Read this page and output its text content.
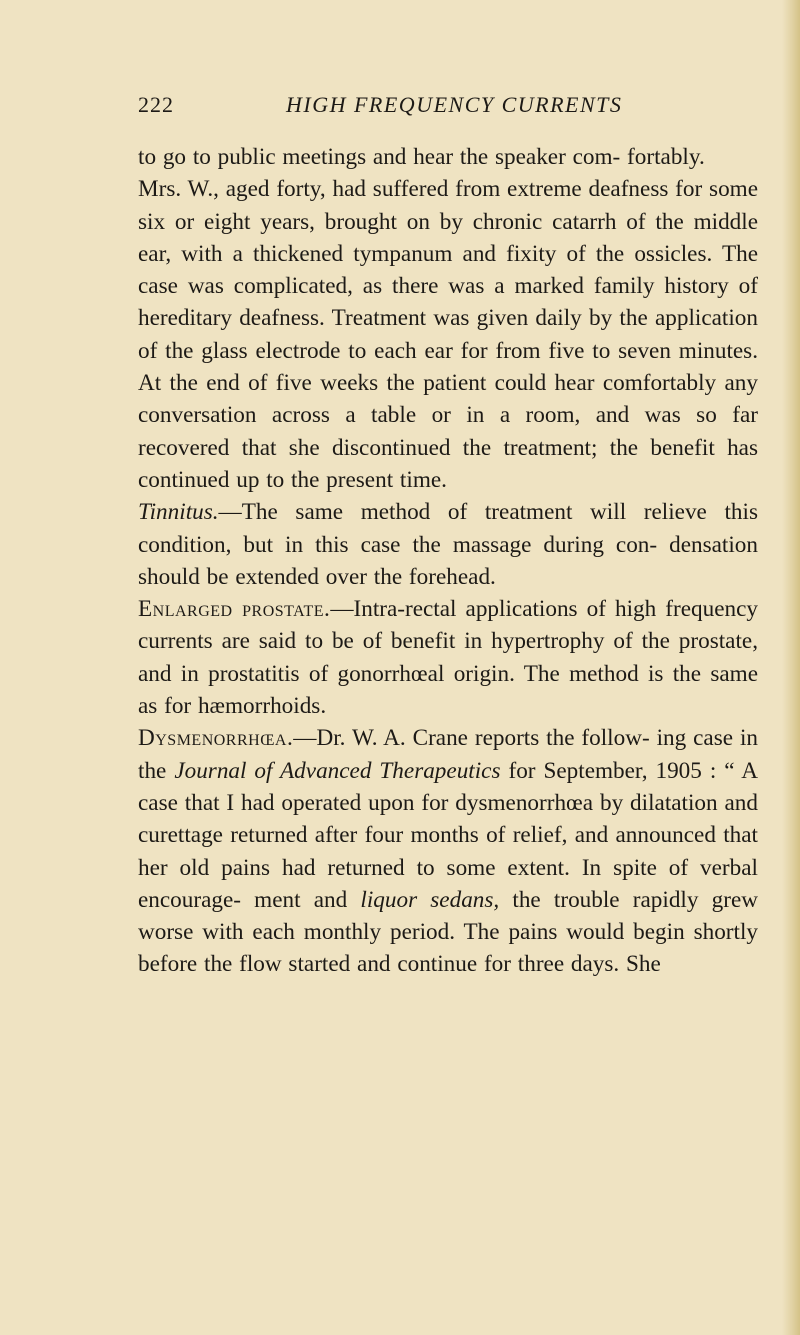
222	HIGH FREQUENCY CURRENTS

to go to public meetings and hear the speaker com- fortably.

Mrs. W., aged forty, had suffered from extreme deafness for some six or eight years, brought on by chronic catarrh of the middle ear, with a thickened tympanum and fixity of the ossicles. The case was complicated, as there was a marked family history of hereditary deafness. Treatment was given daily by the application of the glass electrode to each ear for from five to seven minutes. At the end of five weeks the patient could hear comfortably any conversation across a table or in a room, and was so far recovered that she discontinued the treatment; the benefit has continued up to the present time.

Tinnitus.—The same method of treatment will relieve this condition, but in this case the massage during con- densation should be extended over the forehead.

Enlarged prostate.—Intra-rectal applications of high frequency currents are said to be of benefit in hypertrophy of the prostate, and in prostatitis of gonorrhœal origin. The method is the same as for hæmorrhoids.

Dysmenorrhœa.—Dr. W. A. Crane reports the follow- ing case in the Journal of Advanced Therapeutics for September, 1905 : “ A case that I had operated upon for dysmenorrhœa by dilatation and curettage returned after four months of relief, and announced that her old pains had returned to some extent. In spite of verbal encourage- ment and liquor sedans, the trouble rapidly grew worse with each monthly period. The pains would begin shortly before the flow started and continue for three days. She
